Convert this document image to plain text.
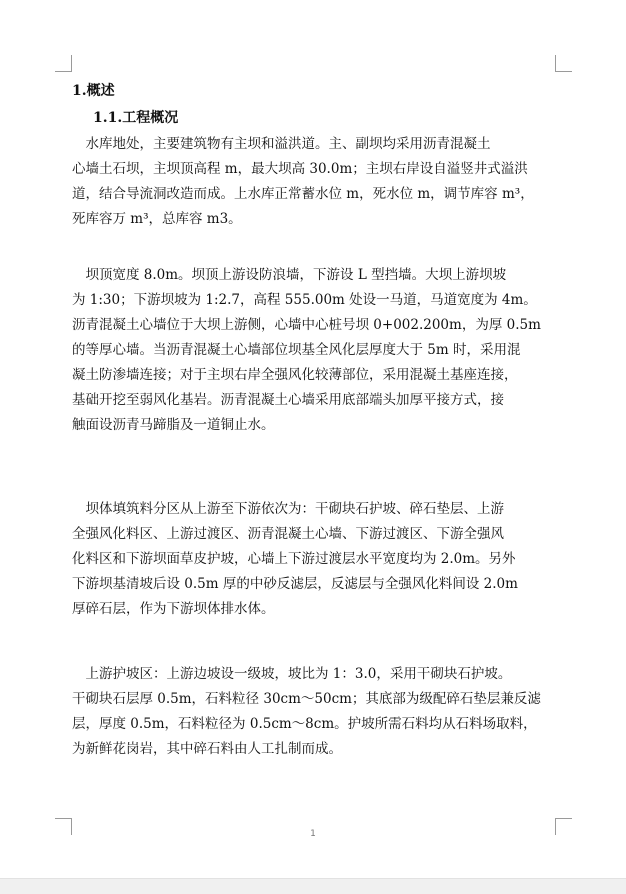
1.概述
1.1.工程概况
　水库地处，主要建筑物有主坝和溢洪道。主、副坝均采用沥青混凝土
心墙土石坝，主坝顶高程 m，最大坝高 30.0m；主坝右岸设自溢竖井式溢洪
道，结合导流洞改造而成。上水库正常蓄水位 m，死水位 m，调节库容 m³，
死库容万 m³，总库容 m3。
　坝顶宽度 8.0m。坝顶上游设防浪墙，下游设 L 型挡墙。大坝上游坝坡
为 1:30；下游坝坡为 1:2.7，高程 555.00m 处设一马道，马道宽度为 4m。
沥青混凝土心墙位于大坝上游侧，心墙中心桩号坝 0+002.200m，为厚 0.5m
的等厚心墙。当沥青混凝土心墙部位坝基全风化层厚度大于 5m 时，采用混
凝土防渗墙连接；对于主坝右岸全强风化较薄部位，采用混凝土基座连接，
基础开挖至弱风化基岩。沥青混凝土心墙采用底部端头加厚平接方式，接
触面设沥青马蹄脂及一道铜止水。
　坝体填筑料分区从上游至下游依次为：干砌块石护坡、碎石垫层、上游
全强风化料区、上游过渡区、沥青混凝土心墙、下游过渡区、下游全强风
化料区和下游坝面草皮护坡，心墙上下游过渡层水平宽度均为 2.0m。另外
下游坝基清坡后设 0.5m 厚的中砂反滤层，反滤层与全强风化料间设 2.0m
厚碎石层，作为下游坝体排水体。
　上游护坡区：上游边坡设一级坡，坡比为 1：3.0，采用干砌块石护坡。
干砌块石层厚 0.5m，石料粒径 30cm～50cm；其底部为级配碎石垫层兼反滤
层，厚度 0.5m，石料粒径为 0.5cm～8cm。护坡所需石料均从石料场取料，
为新鲜花岗岩，其中碎石料由人工扎制而成。
1
